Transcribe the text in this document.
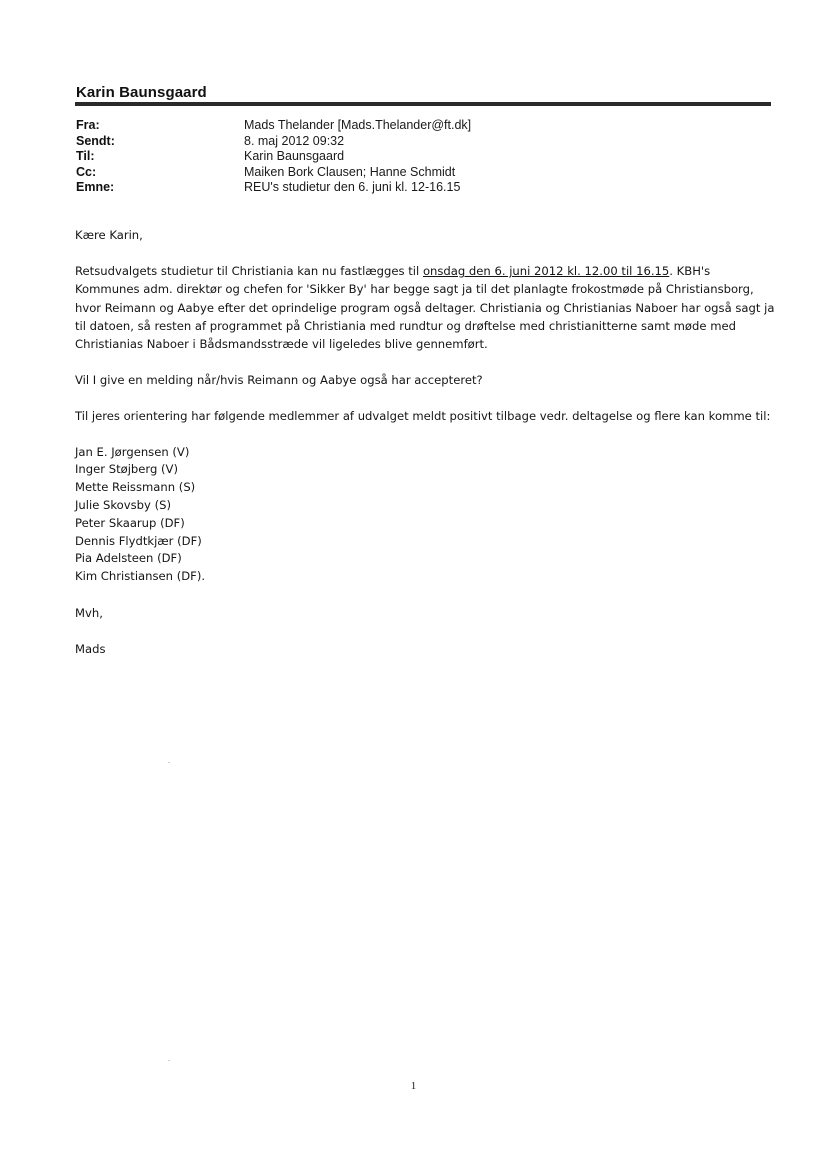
Karin Baunsgaard
Fra:	Mads Thelander [Mads.Thelander@ft.dk]
Sendt:	8. maj 2012 09:32
Til:	Karin Baunsgaard
Cc:	Maiken Bork Clausen; Hanne Schmidt
Emne:	REU's studietur den 6. juni kl. 12-16.15

Kære Karin,

Retsudvalgets studietur til Christiania kan nu fastlægges til onsdag den 6. juni 2012 kl. 12.00 til 16.15. KBH's Kommunes adm. direktør og chefen for 'Sikker By' har begge sagt ja til det planlagte frokostmøde på Christiansborg, hvor Reimann og Aabye efter det oprindelige program også deltager. Christiania og Christianias Naboer har også sagt ja til datoen, så resten af programmet på Christiania med rundtur og drøftelse med christianitterne samt møde med Christianias Naboer i Bådsmandsstræde vil ligeledes blive gennemført.

Vil I give en melding når/hvis Reimann og Aabye også har accepteret?

Til jeres orientering har følgende medlemmer af udvalget meldt positivt tilbage vedr. deltagelse og flere kan komme til:

Jan E. Jørgensen (V)
Inger Støjberg (V)
Mette Reissmann (S)
Julie Skovsby (S)
Peter Skaarup (DF)
Dennis Flydtkjær (DF)
Pia Adelsteen (DF)
Kim Christiansen (DF).

Mvh,

Mads

1
